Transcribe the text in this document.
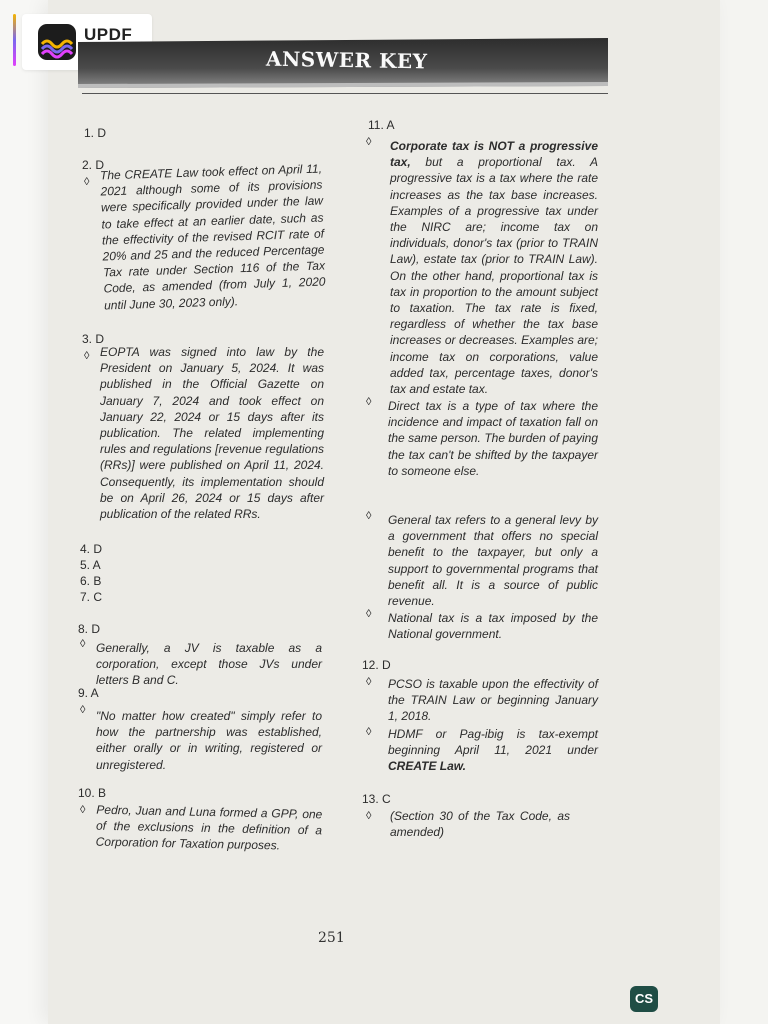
UPDF
ANSWER KEY
1. D
2. D
◊ The CREATE Law took effect on April 11, 2021 although some of its provisions were specifically provided under the law to take effect at an earlier date, such as the effectivity of the revised RCIT rate of 20% and 25 and the reduced Percentage Tax rate under Section 116 of the Tax Code, as amended (from July 1, 2020 until June 30, 2023 only).
3. D
◊ EOPTA was signed into law by the President on January 5, 2024. It was published in the Official Gazette on January 7, 2024 and took effect on January 22, 2024 or 15 days after its publication. The related implementing rules and regulations [revenue regulations (RRs)] were published on April 11, 2024. Consequently, its implementation should be on April 26, 2024 or 15 days after publication of the related RRs.
4. D
5. A
6. B
7. C
8. D
◊ Generally, a JV is taxable as a corporation, except those JVs under letters B and C.
9. A
◊ "No matter how created" simply refer to how the partnership was established, either orally or in writing, registered or unregistered.
10. B
◊ Pedro, Juan and Luna formed a GPP, one of the exclusions in the definition of a Corporation for Taxation purposes.
11. A
◊ Corporate tax is NOT a progressive tax, but a proportional tax. A progressive tax is a tax where the rate increases as the tax base increases. Examples of a progressive tax under the NIRC are; income tax on individuals, donor's tax (prior to TRAIN Law), estate tax (prior to TRAIN Law). On the other hand, proportional tax is tax in proportion to the amount subject to taxation. The tax rate is fixed, regardless of whether the tax base increases or decreases. Examples are; income tax on corporations, value added tax, percentage taxes, donor's tax and estate tax.
◊ Direct tax is a type of tax where the incidence and impact of taxation fall on the same person. The burden of paying the tax can't be shifted by the taxpayer to someone else.
◊ General tax refers to a general levy by a government that offers no special benefit to the taxpayer, but only a support to governmental programs that benefit all. It is a source of public revenue.
◊ National tax is a tax imposed by the National government.
12. D
◊ PCSO is taxable upon the effectivity of the TRAIN Law or beginning January 1, 2018.
◊ HDMF or Pag-ibig is tax-exempt beginning April 11, 2021 under CREATE Law.
13. C
◊ (Section 30 of the Tax Code, as amended)
251
CS
